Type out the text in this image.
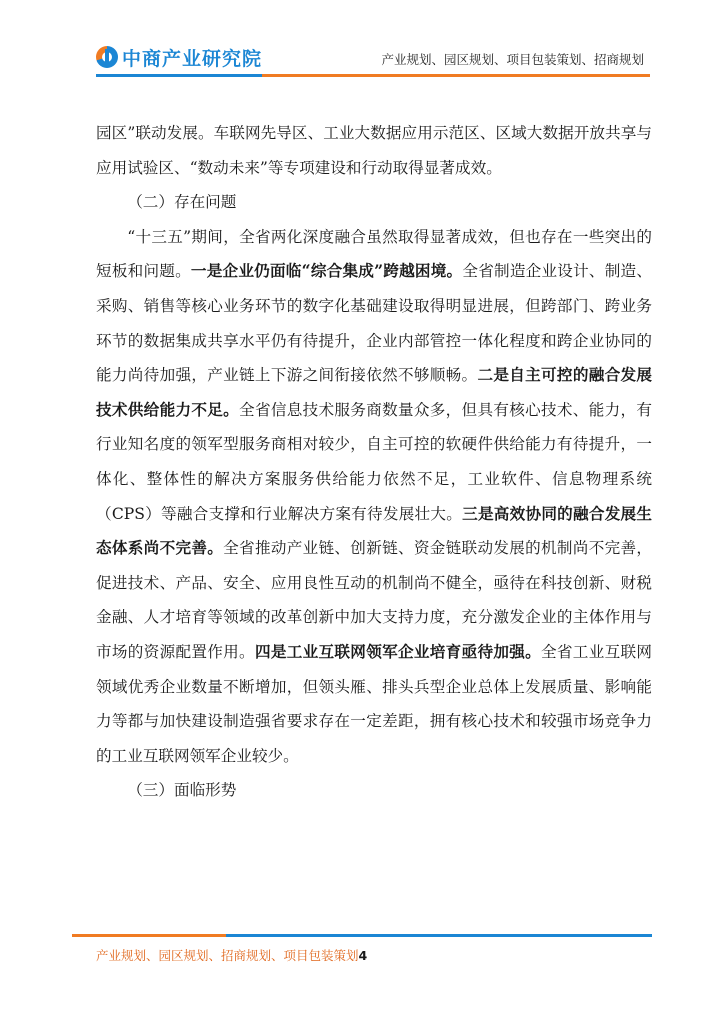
中商产业研究院	产业规划、园区规划、项目包装策划、招商规划

园区”联动发展。车联网先导区、工业大数据应用示范区、区域大数据开放共享与应用试验区、“数动未来”等专项建设和行动取得显著成效。

（二）存在问题

“十三五”期间，全省两化深度融合虽然取得显著成效，但也存在一些突出的短板和问题。一是企业仍面临“综合集成”跨越困境。全省制造企业设计、制造、采购、销售等核心业务环节的数字化基础建设取得明显进展，但跨部门、跨业务环节的数据集成共享水平仍有待提升，企业内部管控一体化程度和跨企业协同的能力尚待加强，产业链上下游之间衔接依然不够顺畅。二是自主可控的融合发展技术供给能力不足。全省信息技术服务商数量众多，但具有核心技术、能力，有行业知名度的领军型服务商相对较少，自主可控的软硬件供给能力有待提升，一体化、整体性的解决方案服务供给能力依然不足，工业软件、信息物理系统（CPS）等融合支撑和行业解决方案有待发展壮大。三是高效协同的融合发展生态体系尚不完善。全省推动产业链、创新链、资金链联动发展的机制尚不完善，促进技术、产品、安全、应用良性互动的机制尚不健全，亟待在科技创新、财税金融、人才培育等领域的改革创新中加大支持力度，充分激发企业的主体作用与市场的资源配置作用。四是工业互联网领军企业培育亟待加强。全省工业互联网领域优秀企业数量不断增加，但领头雁、排头兵型企业总体上发展质量、影响能力等都与加快建设制造强省要求存在一定差距，拥有核心技术和较强市场竞争力的工业互联网领军企业较少。

（三）面临形势

产业规划、园区规划、招商规划、项目包装策划4
